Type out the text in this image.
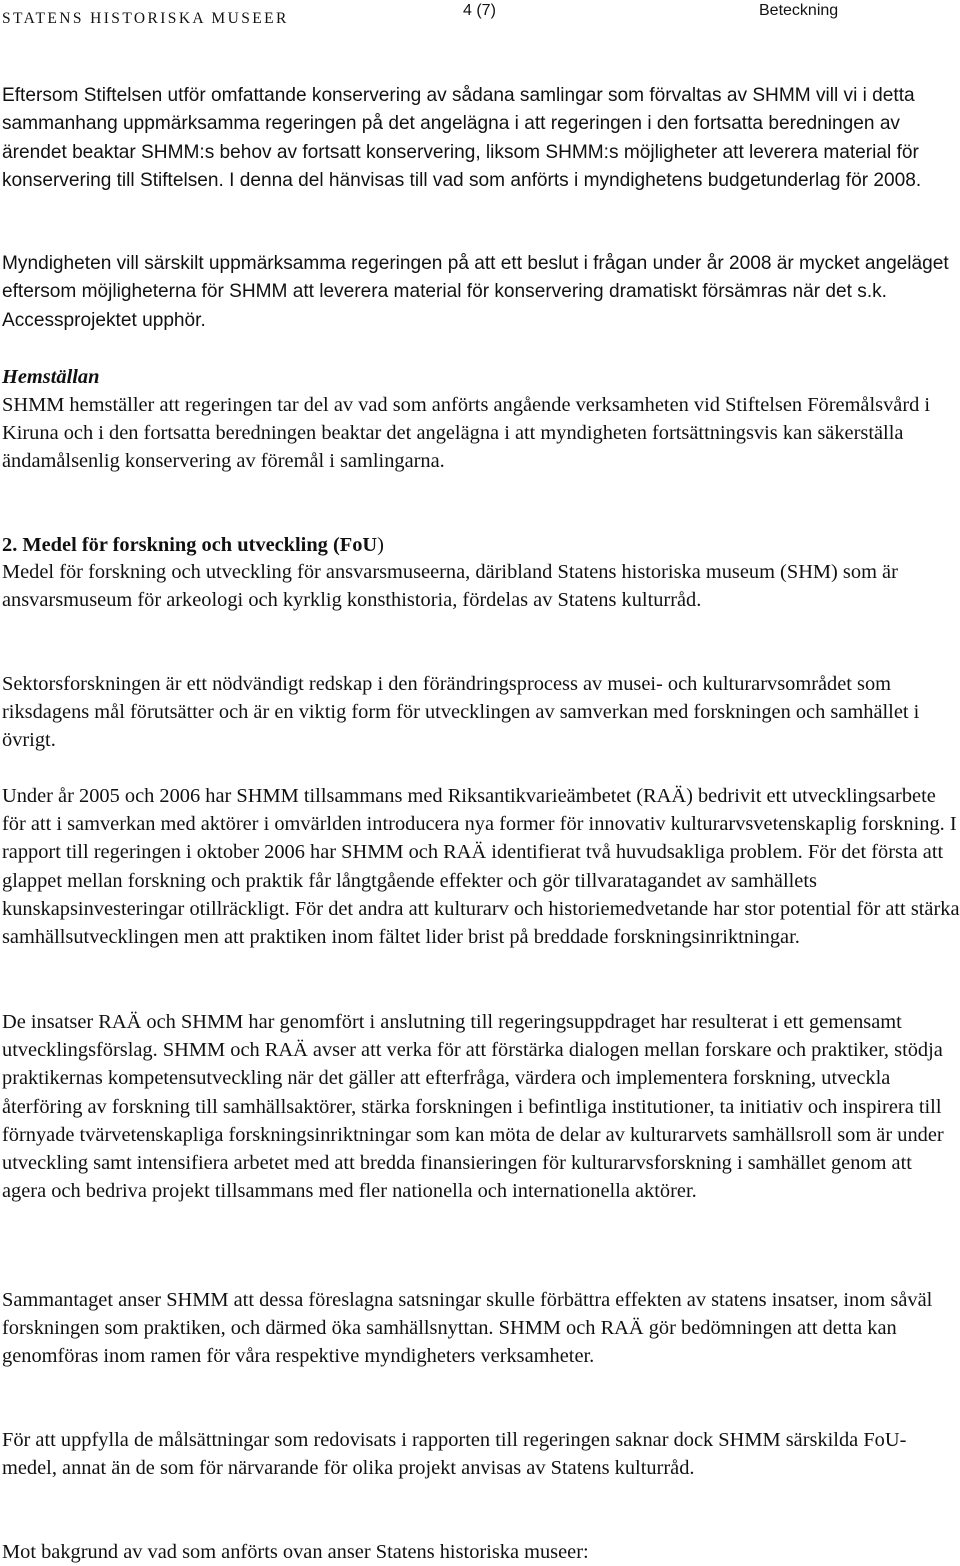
STATENS HISTORISKA MUSEER	4 (7)	Beteckning

Eftersom Stiftelsen utför omfattande konservering av sådana samlingar som förvaltas av SHMM vill vi i detta sammanhang uppmärksamma regeringen på det angelägna i att regeringen i den fortsatta beredningen av ärendet beaktar SHMM:s behov av fortsatt konservering, liksom SHMM:s möjligheter att leverera material för konservering till Stiftelsen. I denna del hänvisas till vad som anförts i myndighetens budgetunderlag för 2008.

Myndigheten vill särskilt uppmärksamma regeringen på att ett beslut i frågan under år 2008 är mycket angeläget eftersom möjligheterna för SHMM att leverera material för konservering dramatiskt försämras när det s.k. Accessprojektet upphör.

Hemställan

SHMM hemställer att regeringen tar del av vad som anförts angående verksamheten vid Stiftelsen Föremålsvård i Kiruna och i den fortsatta beredningen beaktar det angelägna i att myndigheten fortsättningsvis kan säkerställa ändamålsenlig konservering av föremål i samlingarna.

2. Medel för forskning och utveckling (FoU)

Medel för forskning och utveckling för ansvarsmuseerna, däribland Statens historiska museum (SHM) som är ansvarsmuseum för arkeologi och kyrklig konsthistoria, fördelas av Statens kulturråd.

Sektorsforskningen är ett nödvändigt redskap i den förändringsprocess av musei- och kulturarvsområdet som riksdagens mål förutsätter och är en viktig form för utvecklingen av samverkan med forskningen och samhället i övrigt.

Under år 2005 och 2006 har SHMM tillsammans med Riksantikvarieämbetet (RAÄ) bedrivit ett utvecklingsarbete för att i samverkan med aktörer i omvärlden introducera nya former för innovativ kulturarvsvetenskaplig forskning. I rapport till regeringen i oktober 2006 har SHMM och RAÄ identifierat två huvudsakliga problem. För det första att glappet mellan forskning och praktik får långtgående effekter och gör tillvaratagandet av samhällets kunskapsinvesteringar otillräckligt. För det andra att kulturarv och historiemedvetande har stor potential för att stärka samhällsutvecklingen men att praktiken inom fältet lider brist på breddade forskningsinriktningar.

De insatser RAÄ och SHMM har genomfört i anslutning till regeringsuppdraget har resulterat i ett gemensamt utvecklingsförslag. SHMM och RAÄ avser att verka för att förstärka dialogen mellan forskare och praktiker, stödja praktikernas kompetensutveckling när det gäller att efterfråga, värdera och implementera forskning, utveckla återföring av forskning till samhällsaktörer, stärka forskningen i befintliga institutioner, ta initiativ och inspirera till förnyade tvärvetenskapliga forskningsinriktningar som kan möta de delar av kulturarvets samhällsroll som är under utveckling samt intensifiera arbetet med att bredda finansieringen för kulturarvsforskning i samhället genom att agera och bedriva projekt tillsammans med fler nationella och internationella aktörer.

Sammantaget anser SHMM att dessa föreslagna satsningar skulle förbättra effekten av statens insatser, inom såväl forskningen som praktiken, och därmed öka samhällsnyttan. SHMM och RAÄ gör bedömningen att detta kan genomföras inom ramen för våra respektive myndigheters verksamheter.

För att uppfylla de målsättningar som redovisats i rapporten till regeringen saknar dock SHMM särskilda FoU-medel, annat än de som för närvarande för olika projekt anvisas av Statens kulturråd.

Mot bakgrund av vad som anförts ovan anser Statens historiska museer:
